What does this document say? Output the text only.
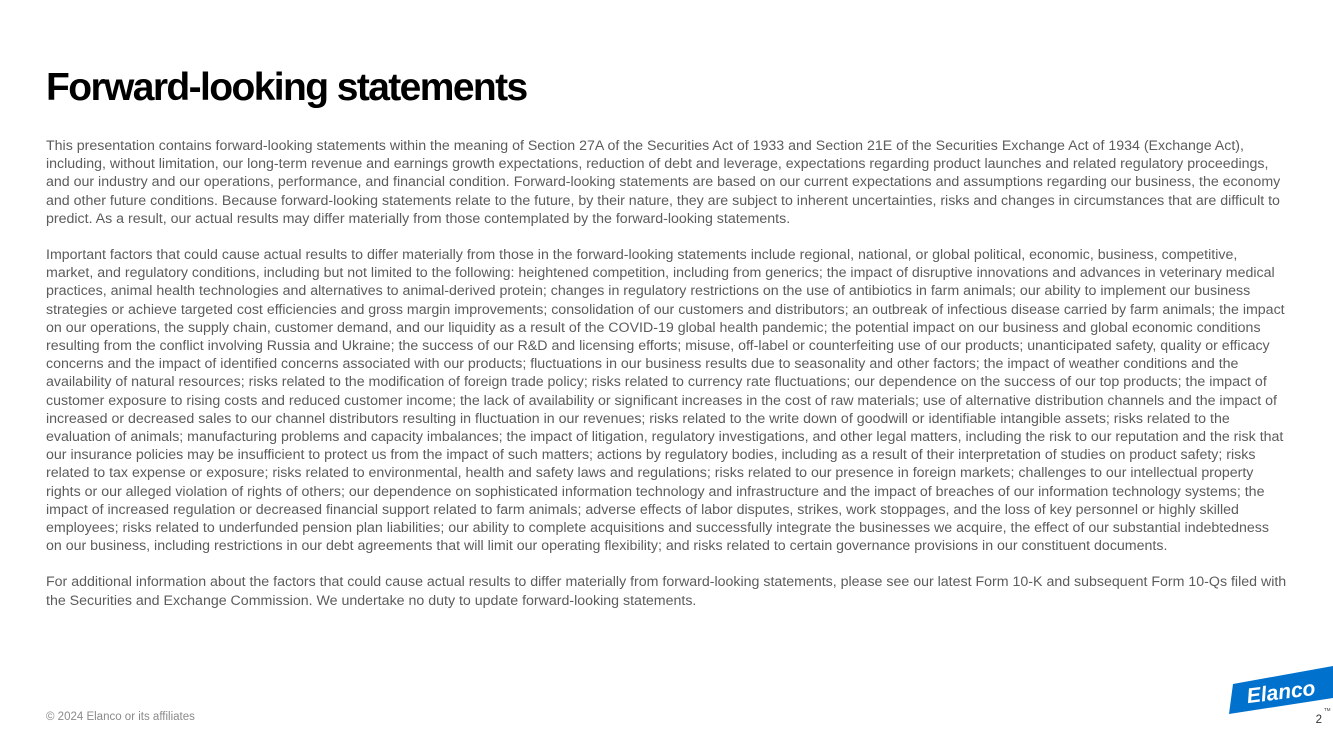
Forward-looking statements

This presentation contains forward-looking statements within the meaning of Section 27A of the Securities Act of 1933 and Section 21E of the Securities Exchange Act of 1934 (Exchange Act), including, without limitation, our long-term revenue and earnings growth expectations, reduction of debt and leverage, expectations regarding product launches and related regulatory proceedings, and our industry and our operations, performance, and financial condition. Forward-looking statements are based on our current expectations and assumptions regarding our business, the economy and other future conditions. Because forward-looking statements relate to the future, by their nature, they are subject to inherent uncertainties, risks and changes in circumstances that are difficult to predict. As a result, our actual results may differ materially from those contemplated by the forward-looking statements.

Important factors that could cause actual results to differ materially from those in the forward-looking statements include regional, national, or global political, economic, business, competitive, market, and regulatory conditions, including but not limited to the following: heightened competition, including from generics; the impact of disruptive innovations and advances in veterinary medical practices, animal health technologies and alternatives to animal-derived protein; changes in regulatory restrictions on the use of antibiotics in farm animals; our ability to implement our business strategies or achieve targeted cost efficiencies and gross margin improvements; consolidation of our customers and distributors; an outbreak of infectious disease carried by farm animals; the impact on our operations, the supply chain, customer demand, and our liquidity as a result of the COVID-19 global health pandemic; the potential impact on our business and global economic conditions resulting from the conflict involving Russia and Ukraine; the success of our R&D and licensing efforts; misuse, off-label or counterfeiting use of our products; unanticipated safety, quality or efficacy concerns and the impact of identified concerns associated with our products; fluctuations in our business results due to seasonality and other factors; the impact of weather conditions and the availability of natural resources; risks related to the modification of foreign trade policy; risks related to currency rate fluctuations; our dependence on the success of our top products; the impact of customer exposure to rising costs and reduced customer income; the lack of availability or significant increases in the cost of raw materials; use of alternative distribution channels and the impact of increased or decreased sales to our channel distributors resulting in fluctuation in our revenues; risks related to the write down of goodwill or identifiable intangible assets; risks related to the evaluation of animals; manufacturing problems and capacity imbalances; the impact of litigation, regulatory investigations, and other legal matters, including the risk to our reputation and the risk that our insurance policies may be insufficient to protect us from the impact of such matters; actions by regulatory bodies, including as a result of their interpretation of studies on product safety; risks related to tax expense or exposure; risks related to environmental, health and safety laws and regulations; risks related to our presence in foreign markets; challenges to our intellectual property rights or our alleged violation of rights of others; our dependence on sophisticated information technology and infrastructure and the impact of breaches of our information technology systems; the impact of increased regulation or decreased financial support related to farm animals; adverse effects of labor disputes, strikes, work stoppages, and the loss of key personnel or highly skilled employees; risks related to underfunded pension plan liabilities; our ability to complete acquisitions and successfully integrate the businesses we acquire, the effect of our substantial indebtedness on our business, including restrictions in our debt agreements that will limit our operating flexibility; and risks related to certain governance provisions in our constituent documents.

For additional information about the factors that could cause actual results to differ materially from forward-looking statements, please see our latest Form 10-K and subsequent Form 10-Qs filed with the Securities and Exchange Commission. We undertake no duty to update forward-looking statements.

© 2024 Elanco or its affiliates
Elanco
TM
2
